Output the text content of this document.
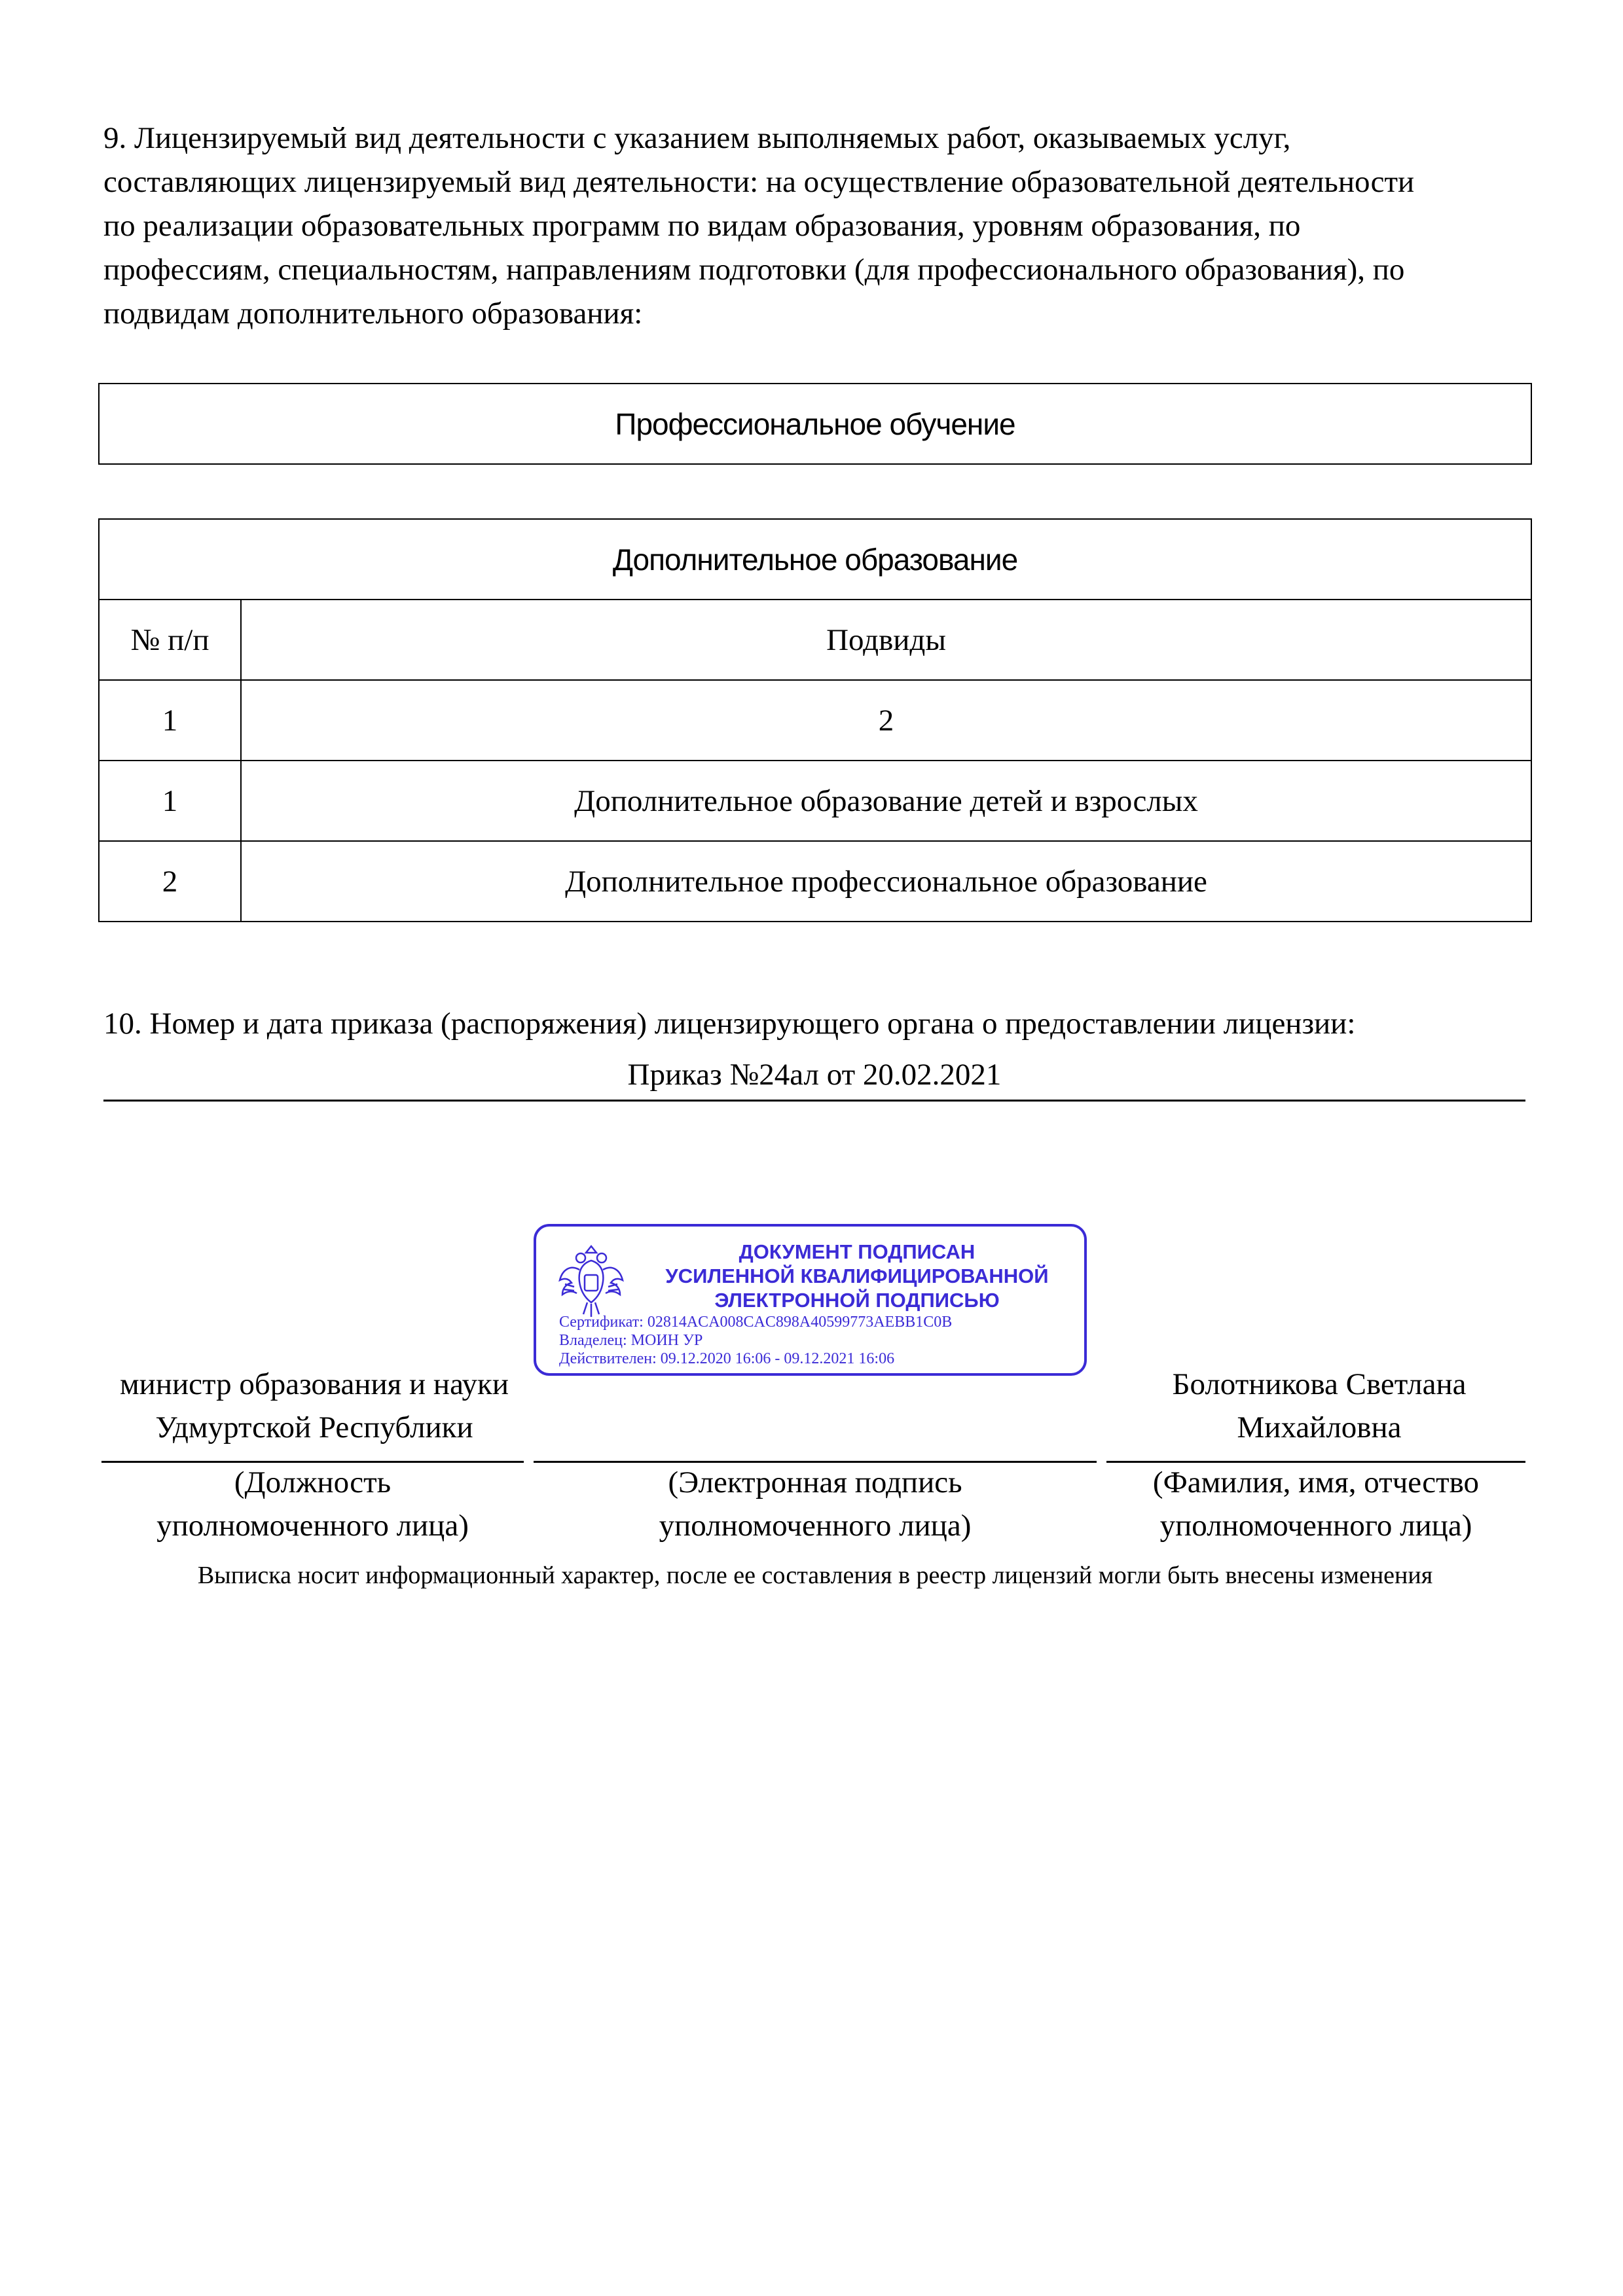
9. Лицензируемый вид деятельности с указанием выполняемых работ, оказываемых услуг,
составляющих лицензируемый вид деятельности: на осуществление образовательной деятельности
по реализации образовательных программ по видам образования, уровням образования, по
профессиям, специальностям, направлениям подготовки (для профессионального образования), по
подвидам дополнительного образования:
Профессиональное обучение
Дополнительное образование	
№ п/п	Подвиды
1	2
1	Дополнительное образование детей и взрослых
2	Дополнительное профессиональное образование

10. Номер и дата приказа (распоряжения) лицензирующего органа о предоставлении лицензии:

Приказ №24ал от 20.02.2021
ДОКУМЕНТ ПОДПИСАН
УСИЛЕННОЙ КВАЛИФИЦИРОВАННОЙ
ЭЛЕКТРОННОЙ ПОДПИСЬЮ
Сертификат: 02814ACA008CAC898A40599773AEBB1C0B
Владелец: МОИН УР
Действителен: 09.12.2020 16:06 - 09.12.2021 16:06
министр образования и науки
Удмуртской Республики
Болотникова Светлана
Михайловна
(Должность
уполномоченного лица)
(Электронная подпись
уполномоченного лица)
(Фамилия, имя, отчество
уполномоченного лица)
Выписка носит информационный характер, после ее составления в реестр лицензий могли быть внесены изменения
